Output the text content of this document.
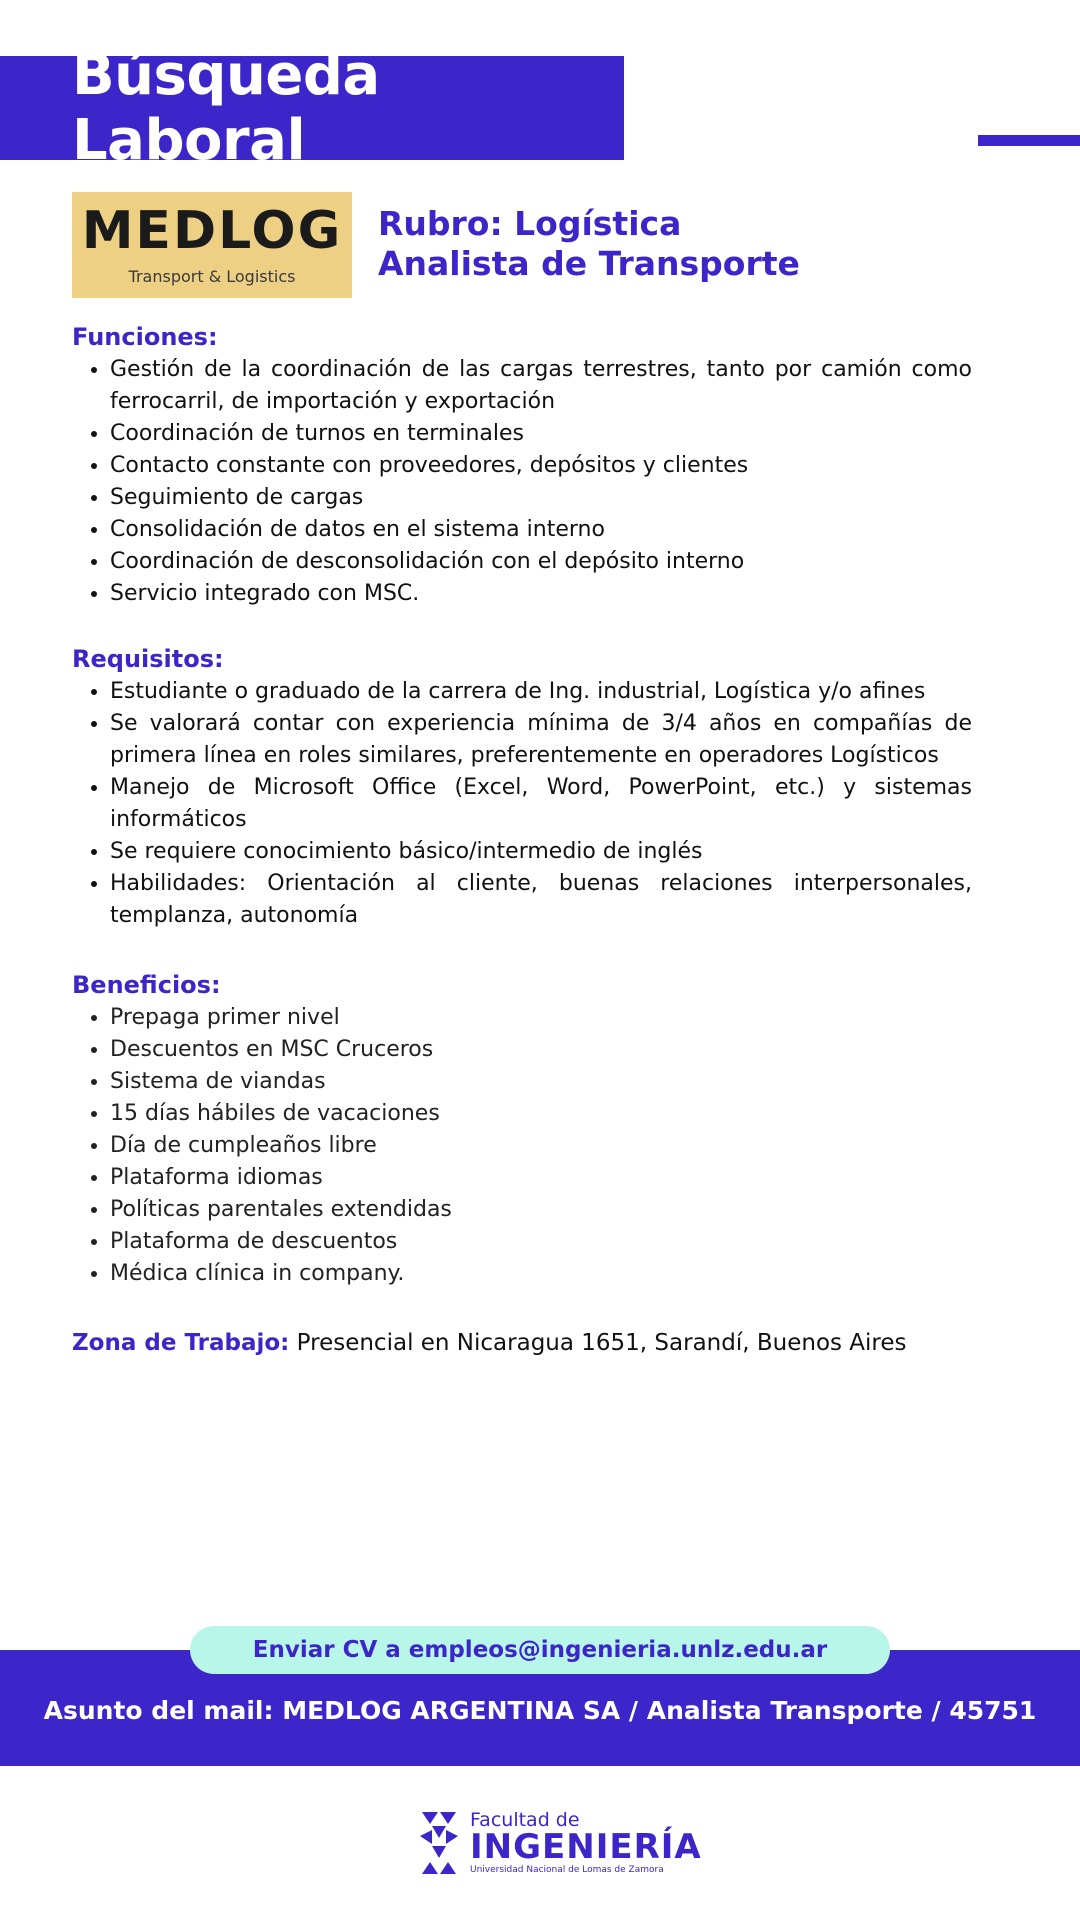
Búsqueda Laboral
MEDLOG
Transport & Logistics
Rubro: Logística
Analista de Transporte

Funciones:

• Gestión de la coordinación de las cargas terrestres, tanto por camión como ferrocarril, de importación y exportación
• Coordinación de turnos en terminales
• Contacto constante con proveedores, depósitos y clientes
• Seguimiento de cargas
• Consolidación de datos en el sistema interno
• Coordinación de desconsolidación con el depósito interno
• Servicio integrado con MSC.

Requisitos:

• Estudiante o graduado de la carrera de Ing. industrial, Logística y/o afines
• Se valorará contar con experiencia mínima de 3/4 años en compañías de primera línea en roles similares, preferentemente en operadores Logísticos
• Manejo de Microsoft Office (Excel, Word, PowerPoint, etc.) y sistemas informáticos
• Se requiere conocimiento básico/intermedio de inglés
• Habilidades: Orientación al cliente, buenas relaciones interpersonales, templanza, autonomía

Beneficios:

• Prepaga primer nivel
• Descuentos en MSC Cruceros
• Sistema de viandas
• 15 días hábiles de vacaciones
• Día de cumpleaños libre
• Plataforma idiomas
• Políticas parentales extendidas
• Plataforma de descuentos
• Médica clínica in company.
Zona de Trabajo: Presencial en Nicaragua 1651, Sarandí, Buenos Aires
Enviar CV a empleos@ingenieria.unlz.edu.ar
Asunto del mail: MEDLOG ARGENTINA SA / Analista Transporte / 45751
Facultad de
INGENIERÍA
Universidad Nacional de Lomas de Zamora
